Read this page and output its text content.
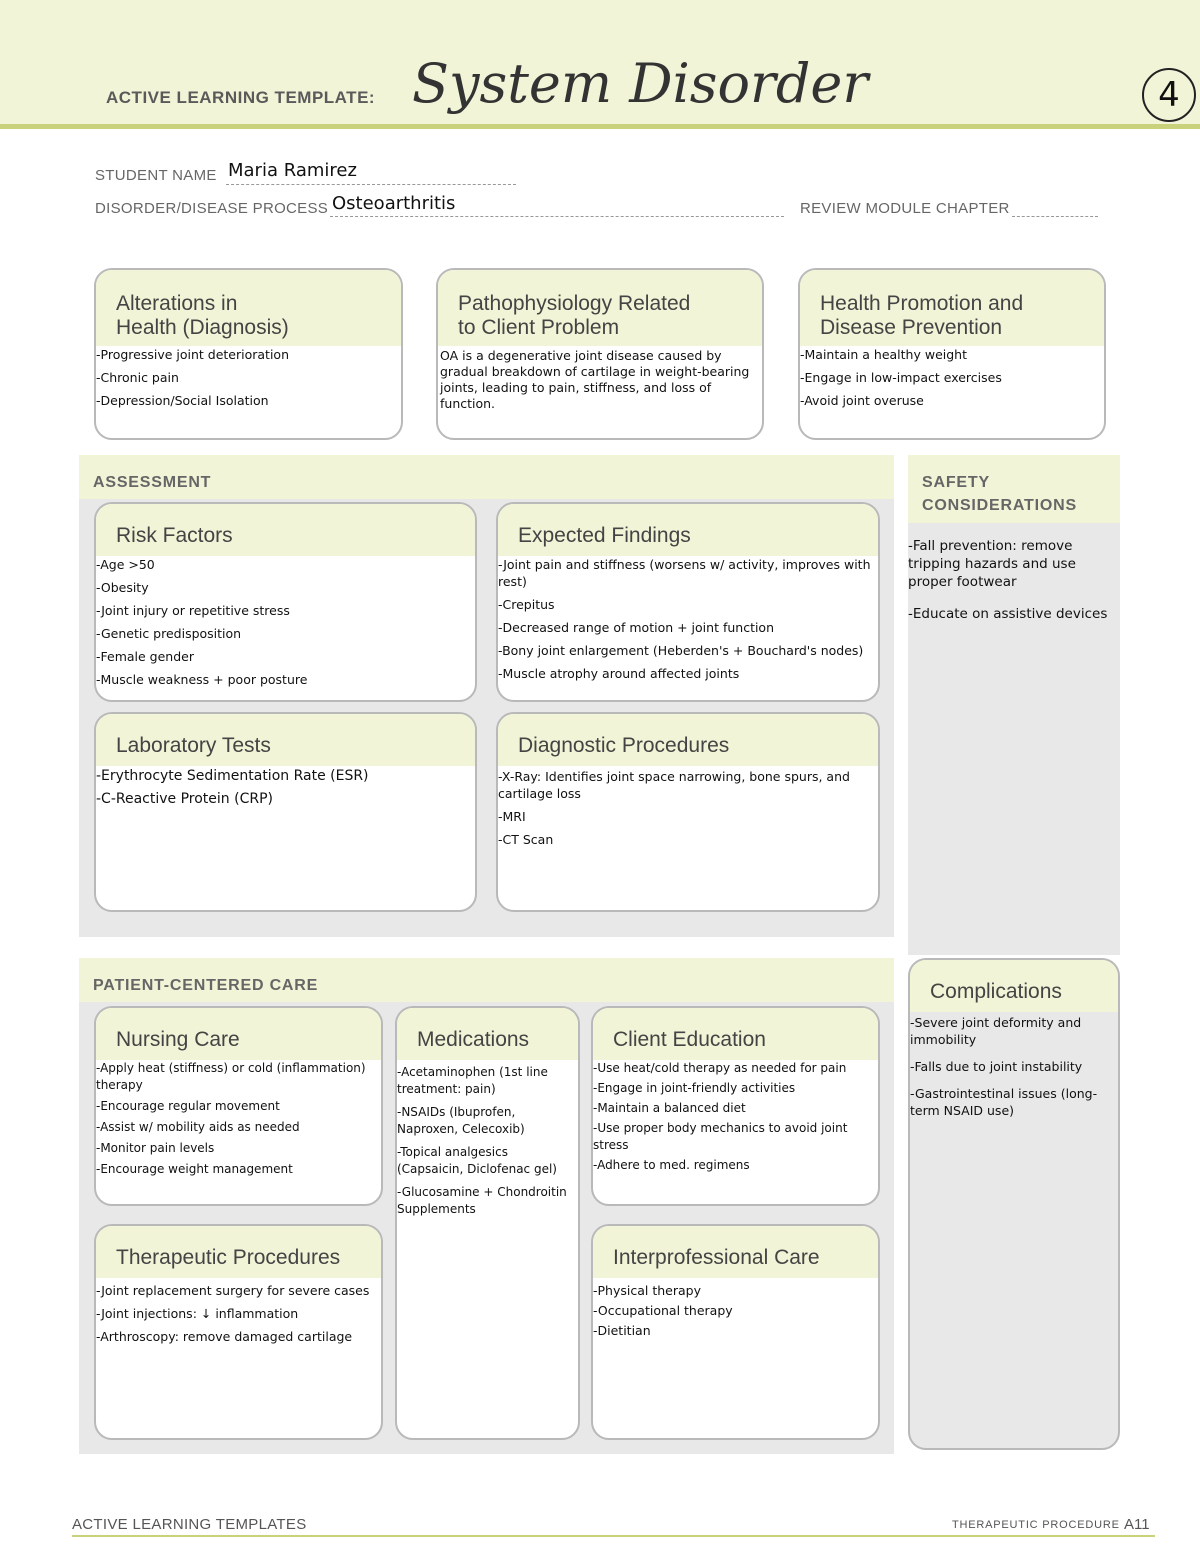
ACTIVE LEARNING TEMPLATE: System Disorder	4
STUDENT NAME Maria Ramirez
DISORDER/DISEASE PROCESS Osteoarthritis	REVIEW MODULE CHAPTER
Alterations in
Health (Diagnosis)
-Progressive joint deterioration
-Chronic pain
-Depression/Social Isolation
Pathophysiology Related
to Client Problem

OA is a degenerative joint disease caused by gradual breakdown of cartilage in weight-bearing joints, leading to pain, stiffness, and loss of function.

Health Promotion and
Disease Prevention
-Maintain a healthy weight
-Engage in low-impact exercises
-Avoid joint overuse
ASSESSMENT
Risk Factors
-Age >50
-Obesity
-Joint injury or repetitive stress
-Genetic predisposition
-Female gender
-Muscle weakness + poor posture
Expected Findings
-Joint pain and stiffness (worsens w/ activity, improves with rest)
-Crepitus
-Decreased range of motion + joint function
-Bony joint enlargement (Heberden's + Bouchard's nodes)
-Muscle atrophy around affected joints
Laboratory Tests
-Erythrocyte Sedimentation Rate (ESR)
-C-Reactive Protein (CRP)
Diagnostic Procedures
-X-Ray: Identifies joint space narrowing, bone spurs, and cartilage loss
-MRI
-CT Scan
SAFETY
CONSIDERATIONS
-Fall prevention: remove tripping hazards and use proper footwear
-Educate on assistive devices
Complications
-Severe joint deformity and immobility
-Falls due to joint instability
-Gastrointestinal issues (long-term NSAID use)
PATIENT-CENTERED CARE
Nursing Care
-Apply heat (stiffness) or cold (inflammation) therapy
-Encourage regular movement
-Assist w/ mobility aids as needed
-Monitor pain levels
-Encourage weight management
Medications
-Acetaminophen (1st line treatment: pain)
-NSAIDs (Ibuprofen, Naproxen, Celecoxib)
-Topical analgesics (Capsaicin, Diclofenac gel)
-Glucosamine + Chondroitin Supplements
Client Education
-Use heat/cold therapy as needed for pain
-Engage in joint-friendly activities
-Maintain a balanced diet
-Use proper body mechanics to avoid joint stress
-Adhere to med. regimens
Therapeutic Procedures
-Joint replacement surgery for severe cases
-Joint injections: ↓ inflammation
-Arthroscopy: remove damaged cartilage
Interprofessional Care
-Physical therapy
-Occupational therapy
-Dietitian
ACTIVE LEARNING TEMPLATES	THERAPEUTIC PROCEDURE A11
